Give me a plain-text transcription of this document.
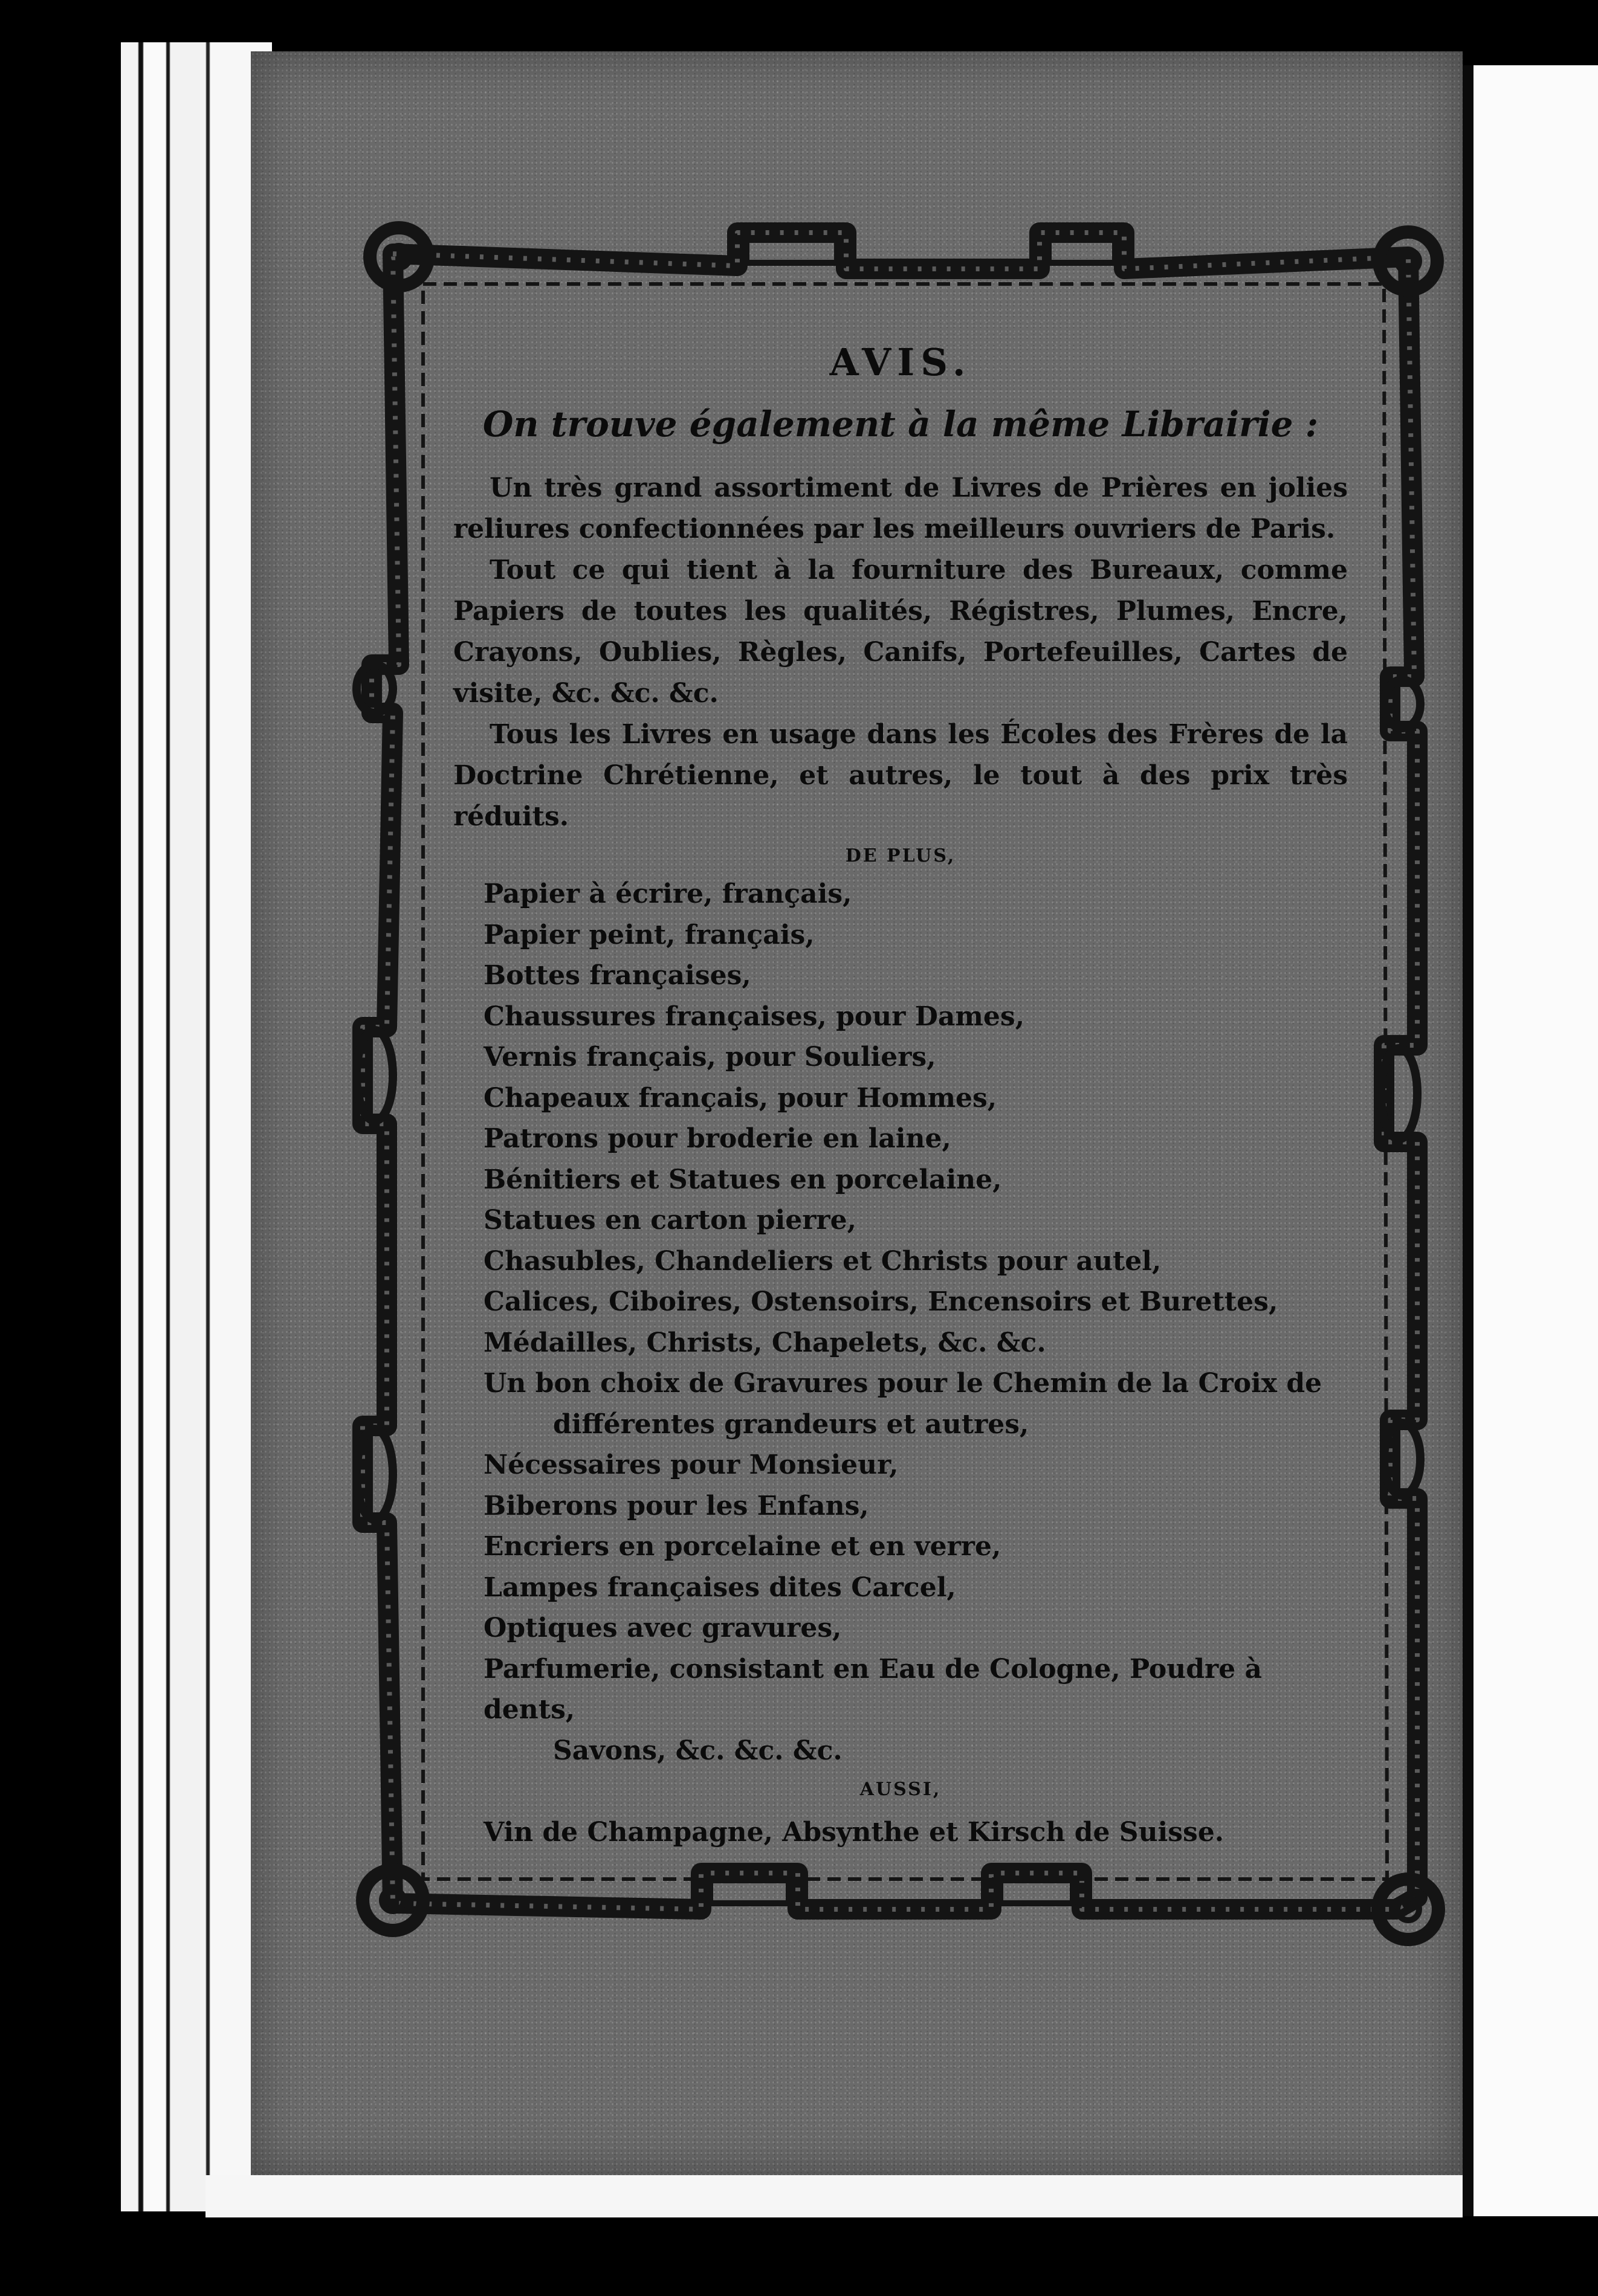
AVIS.
On trouve également à la même Librairie :

Un très grand assortiment de Livres de Prières en jolies reliures confectionnées par les meilleurs ouvriers de Paris.

Tout ce qui tient à la fourniture des Bureaux, comme Papiers de toutes les qualités, Régistres, Plumes, Encre, Crayons, Oublies, Règles, Canifs, Portefeuilles, Cartes de visite, &c. &c. &c.

Tous les Livres en usage dans les Écoles des Frères de la Doctrine Chrétienne, et autres, le tout à des prix très réduits.

DE PLUS,
Papier à écrire, français,
Papier peint, français,
Bottes françaises,
Chaussures françaises, pour Dames,
Vernis français, pour Souliers,
Chapeaux français, pour Hommes,
Patrons pour broderie en laine,
Bénitiers et Statues en porcelaine,
Statues en carton pierre,
Chasubles, Chandeliers et Christs pour autel,
Calices, Ciboires, Ostensoirs, Encensoirs et Burettes,
Médailles, Christs, Chapelets, &c. &c.
Un bon choix de Gravures pour le Chemin de la Croix de
différentes grandeurs et autres,
Nécessaires pour Monsieur,
Biberons pour les Enfans,
Encriers en porcelaine et en verre,
Lampes françaises dites Carcel,
Optiques avec gravures,
Parfumerie, consistant en Eau de Cologne, Poudre à dents,
Savons, &c. &c. &c.
AUSSI,
Vin de Champagne, Absynthe et Kirsch de Suisse.
